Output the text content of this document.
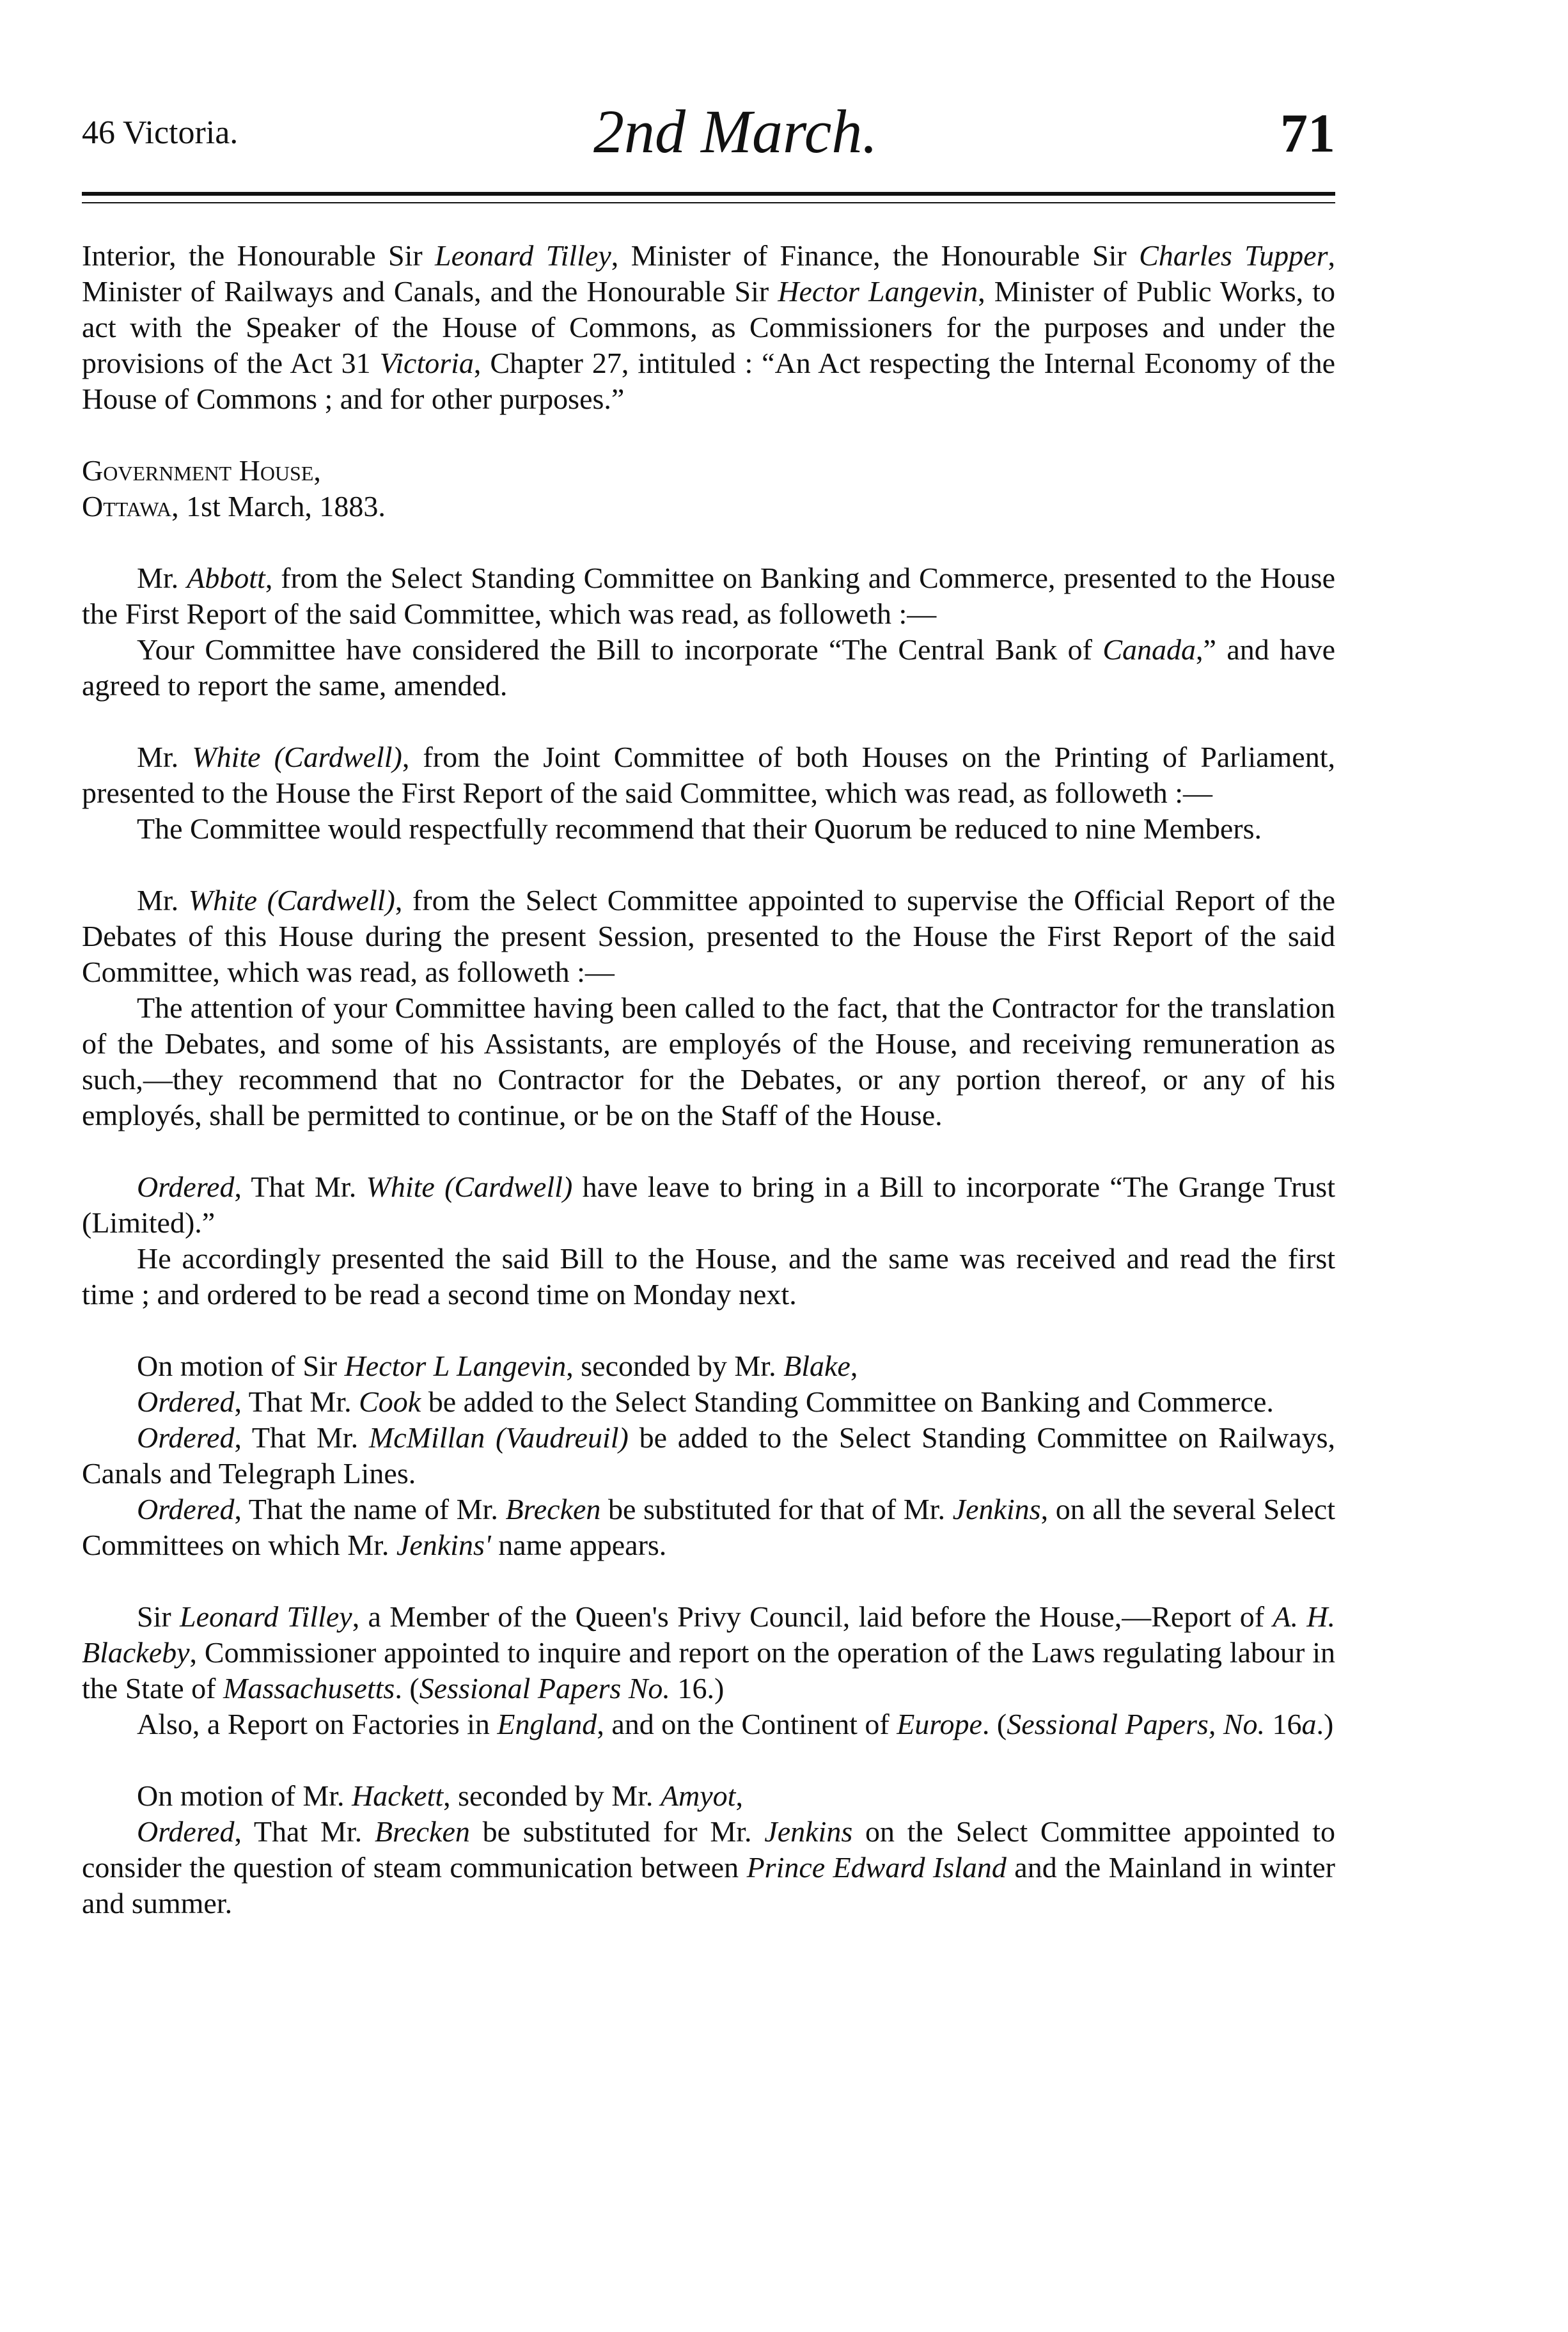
46 Victoria.	2nd March.	71

Interior, the Honourable Sir Leonard Tilley, Minister of Finance, the Honourable Sir Charles Tupper, Minister of Railways and Canals, and the Honourable Sir Hector Langevin, Minister of Public Works, to act with the Speaker of the House of Commons, as Commissioners for the purposes and under the provisions of the Act 31 Victoria, Chapter 27, intituled : “An Act respecting the Internal Economy of the House of Commons ; and for other purposes.”

Government House,

Ottawa, 1st March, 1883.

Mr. Abbott, from the Select Standing Committee on Banking and Commerce, presented to the House the First Report of the said Committee, which was read, as followeth :—

Your Committee have considered the Bill to incorporate “The Central Bank of Canada,” and have agreed to report the same, amended.

Mr. White (Cardwell), from the Joint Committee of both Houses on the Printing of Parliament, presented to the House the First Report of the said Committee, which was read, as followeth :—

The Committee would respectfully recommend that their Quorum be reduced to nine Members.

Mr. White (Cardwell), from the Select Committee appointed to supervise the Official Report of the Debates of this House during the present Session, presented to the House the First Report of the said Committee, which was read, as followeth :—

The attention of your Committee having been called to the fact, that the Contractor for the translation of the Debates, and some of his Assistants, are employés of the House, and receiving remuneration as such,—they recommend that no Contractor for the Debates, or any portion thereof, or any of his employés, shall be permitted to continue, or be on the Staff of the House.

Ordered, That Mr. White (Cardwell) have leave to bring in a Bill to incorporate “The Grange Trust (Limited).”

He accordingly presented the said Bill to the House, and the same was received and read the first time ; and ordered to be read a second time on Monday next.

On motion of Sir Hector L Langevin, seconded by Mr. Blake,

Ordered, That Mr. Cook be added to the Select Standing Committee on Banking and Commerce.

Ordered, That Mr. McMillan (Vaudreuil) be added to the Select Standing Committee on Railways, Canals and Telegraph Lines.

Ordered, That the name of Mr. Brecken be substituted for that of Mr. Jenkins, on all the several Select Committees on which Mr. Jenkins' name appears.

Sir Leonard Tilley, a Member of the Queen's Privy Council, laid before the House,—Report of A. H. Blackeby, Commissioner appointed to inquire and report on the operation of the Laws regulating labour in the State of Massachusetts. (Sessional Papers No. 16.)

Also, a Report on Factories in England, and on the Continent of Europe. (Sessional Papers, No. 16a.)

On motion of Mr. Hackett, seconded by Mr. Amyot,

Ordered, That Mr. Brecken be substituted for Mr. Jenkins on the Select Committee appointed to consider the question of steam communication between Prince Edward Island and the Mainland in winter and summer.
